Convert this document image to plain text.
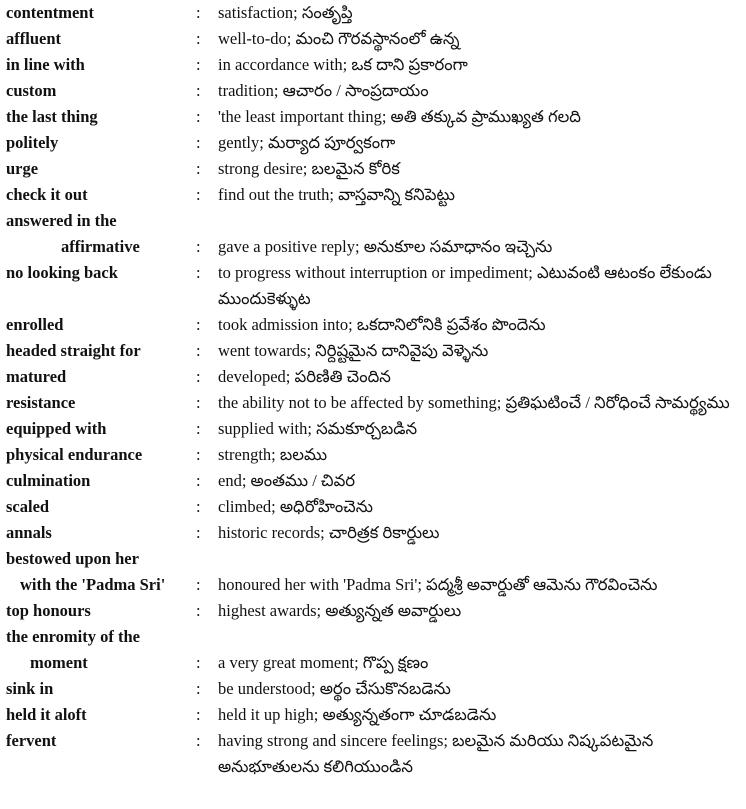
contentment	:	satisfaction; సంతృప్తి
affluent	:	well-to-do; మంచి గౌరవస్థానంలో ఉన్న
in line with	:	in accordance with; ఒక దాని ప్రకారంగా
custom	:	tradition; ఆచారం / సాంప్రదాయం
the last thing	:	'the least important thing; అతి తక్కువ ప్రాముఖ్యత గలది
politely	:	gently; మర్యాద పూర్వకంగా
urge	:	strong desire; బలమైన కోరిక
check it out	:	find out the truth; వాస్తవాన్ని కనిపెట్టు
answered in the
affirmative	:	gave a positive reply; అనుకూల సమాధానం ఇచ్చెను
no looking back	:	to progress without interruption or impediment; ఎటువంటి ఆటంకం లేకుండు ముందుకెళ్ళుట
enrolled	:	took admission into; ఒకదానిలోనికి ప్రవేశం పొందెను
headed straight for	:	went towards; నిర్దిష్టమైన దానివైపు వెళ్ళెను
matured	:	developed; పరిణితి చెందిన
resistance	:	the ability not to be affected by something; ప్రతిఘటించే / నిరోధించే సామర్థ్యము
equipped with	:	supplied with; సమకూర్చబడిన
physical endurance	:	strength; బలము
culmination	:	end; అంతము / చివర
scaled	:	climbed; అధిరోహించెను
annals	:	historic records; చారిత్రక రికార్డులు
bestowed upon her
with the 'Padma Sri'	:	honoured her with 'Padma Sri'; పద్మశ్రీ అవార్డుతో ఆమెను గౌరవించెను
top honours	:	highest awards; అత్యున్నత అవార్డులు
the enromity of the
moment	:	a very great moment; గొప్ప క్షణం
sink in	:	be understood; అర్థం చేసుకొనబడెను
held it aloft	:	held it up high; అత్యున్నతంగా చూడబడెను
fervent	:	having strong and sincere feelings; బలమైన మరియు నిష్కపటమైన అనుభూతులను కలిగియుండిన
